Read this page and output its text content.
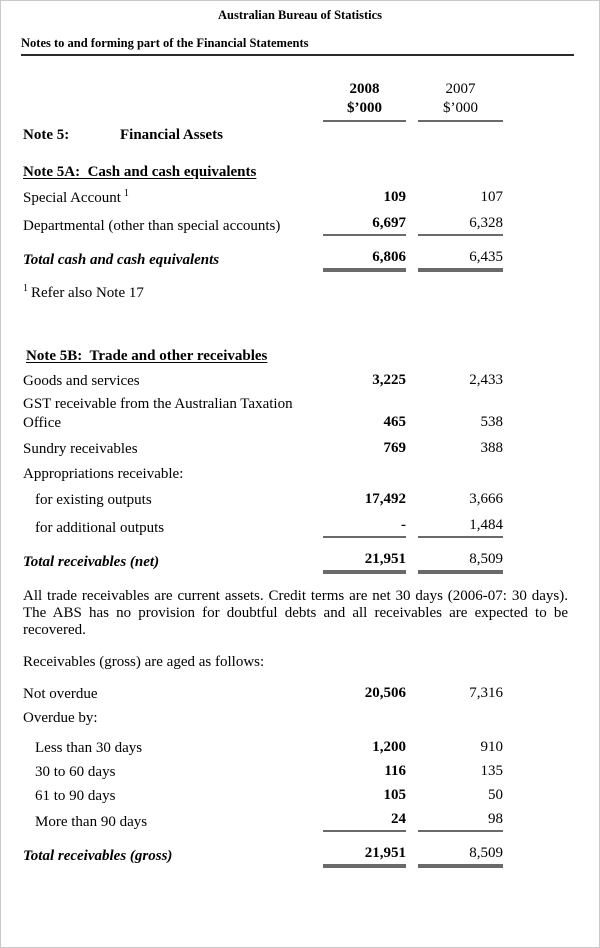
Australian Bureau of Statistics
Notes to and forming part of the Financial Statements
2008
$’000
2007
$’000
Note 5:	Financial Assets
Note 5A:  Cash and cash equivalents
Special Account $^1$	109	107
Departmental (other than special accounts)	6,697	6,328
Total cash and cash equivalents	6,806	6,435
$^1$ Refer also Note 17
Note 5B:  Trade and other receivables
Goods and services	3,225	2,433
GST receivable from the Australian Taxation Office	465	538
Sundry receivables	769	388
Appropriations receivable:
for existing outputs	17,492	3,666
for additional outputs	-	1,484
Total receivables (net)	21,951	8,509
All trade receivables are current assets. Credit terms are net 30 days (2006-07: 30 days). The ABS has no provision for doubtful debts and all receivables are expected to be recovered.
Receivables (gross) are aged as follows:
Not overdue	20,506	7,316
Overdue by:
Less than 30 days	1,200	910
30 to 60 days	116	135
61 to 90 days	105	50
More than 90 days	24	98
Total receivables (gross)	21,951	8,509
